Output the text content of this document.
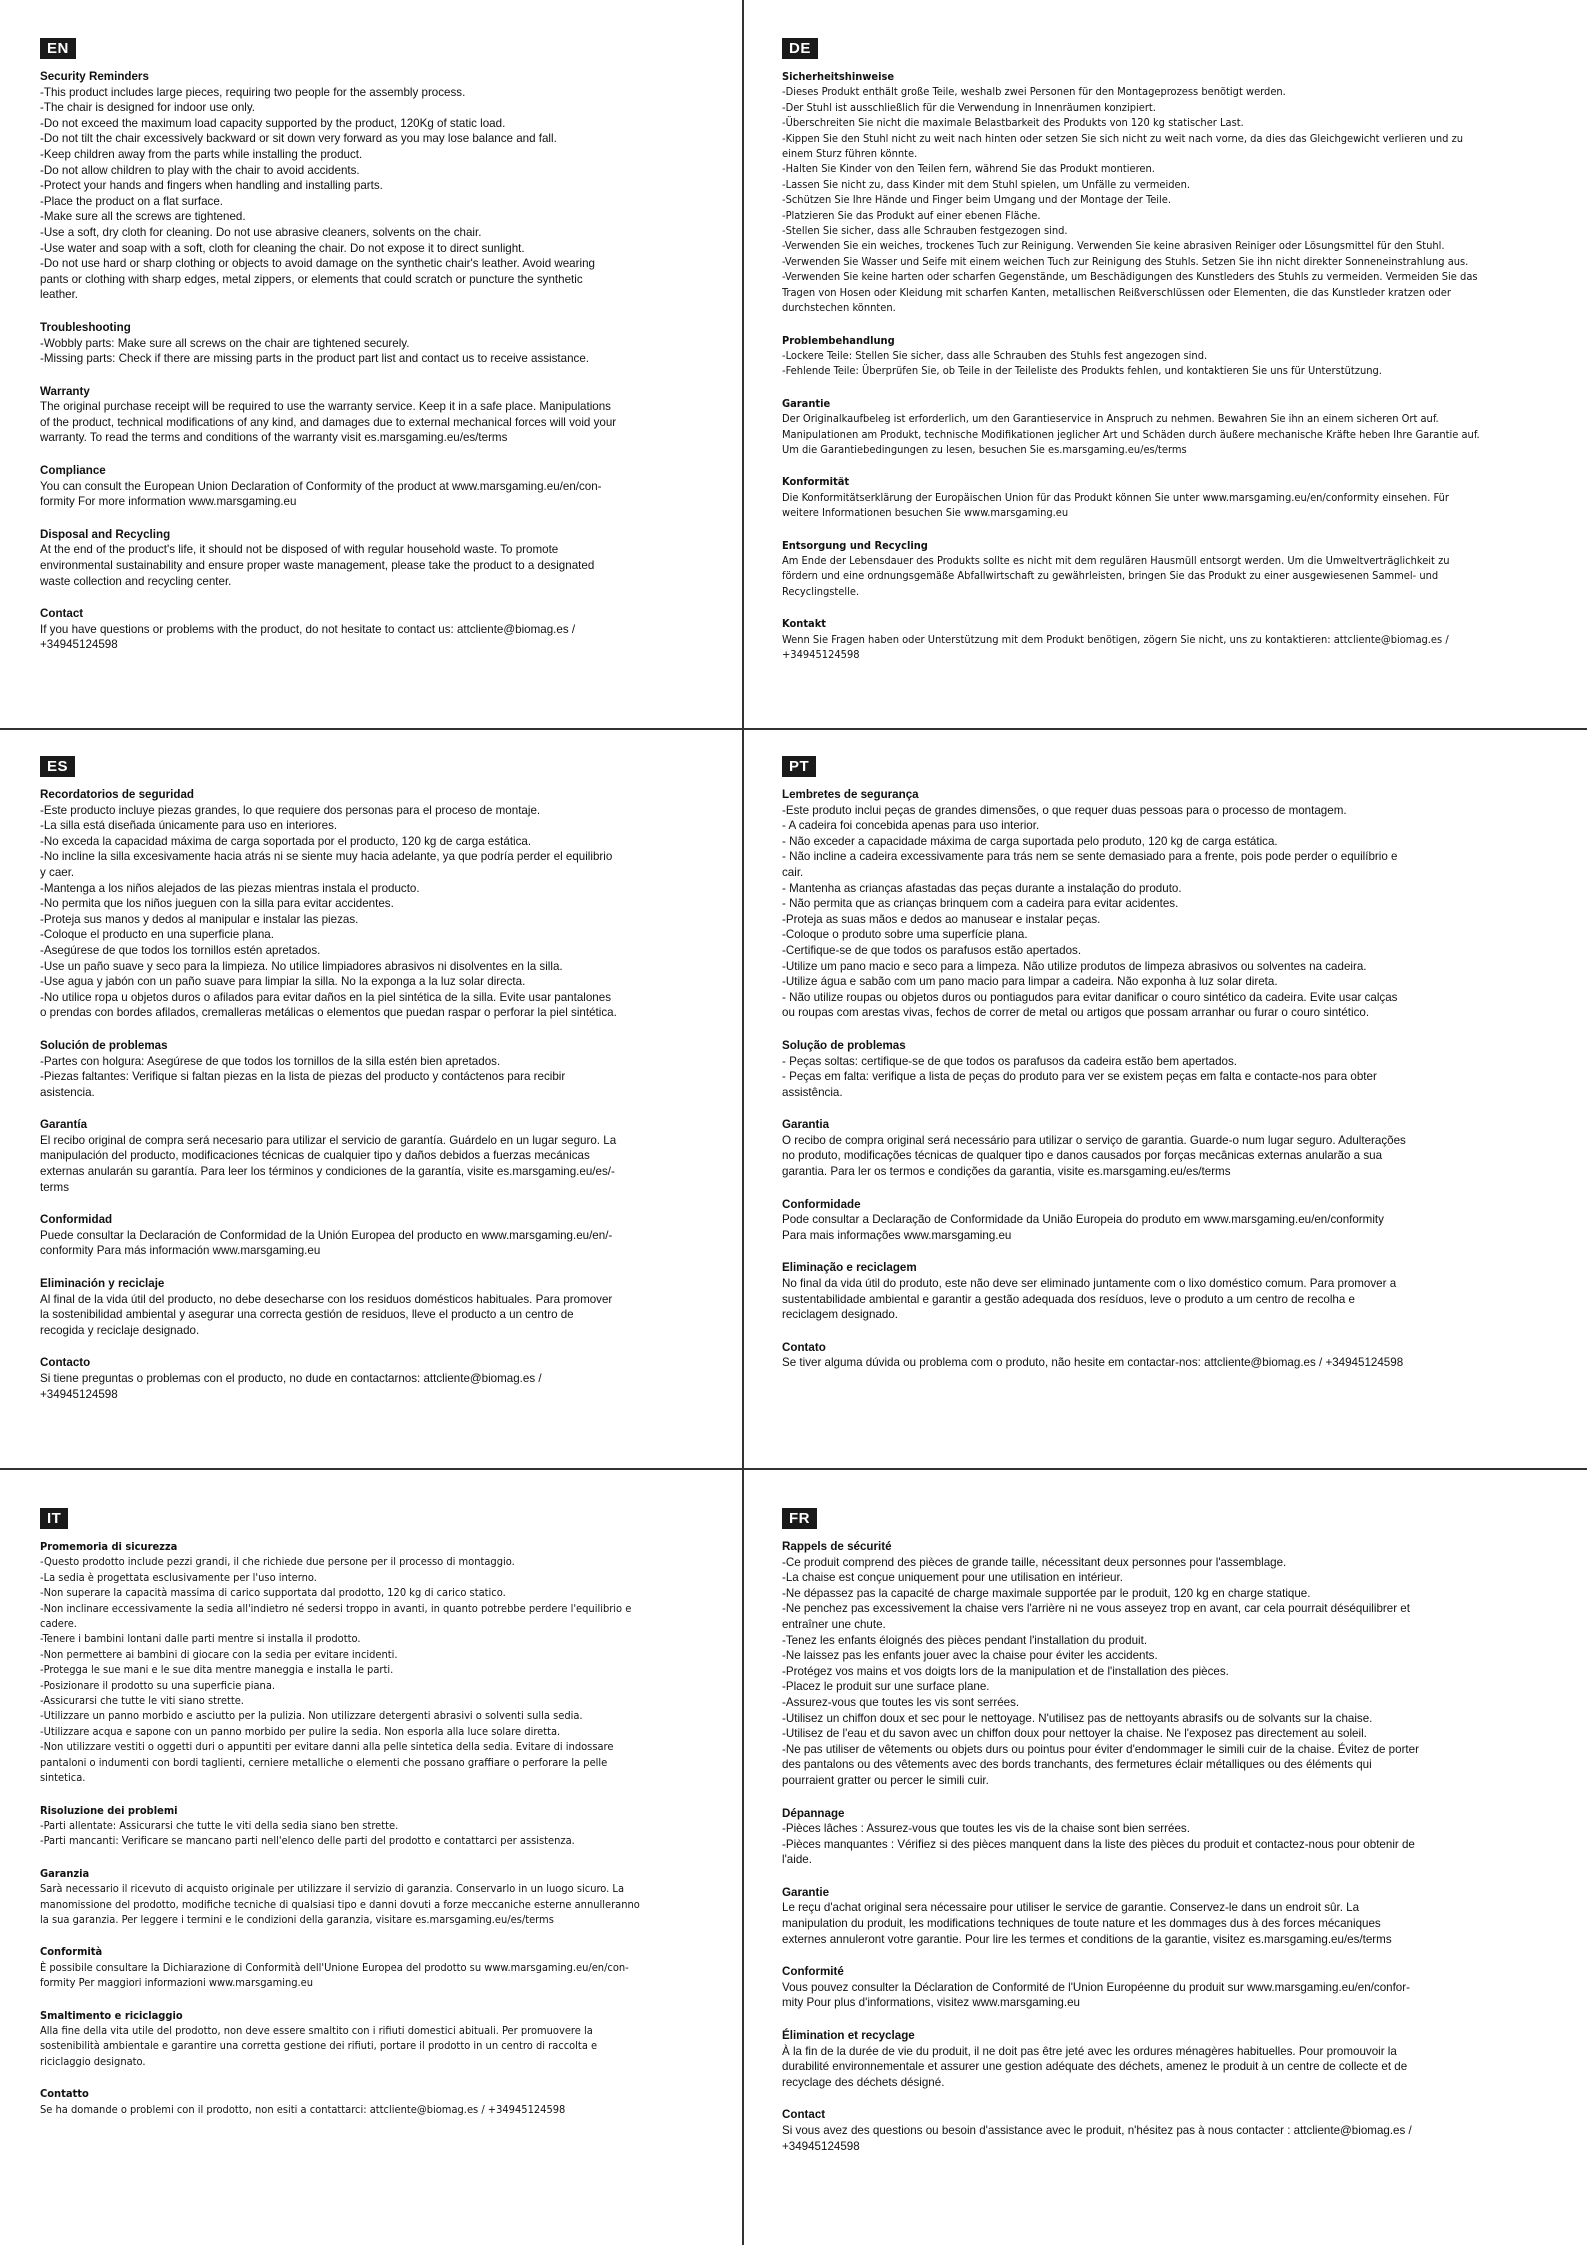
EN

Security Reminders

-This product includes large pieces, requiring two people for the assembly process.

-The chair is designed for indoor use only.

-Do not exceed the maximum load capacity supported by the product, 120Kg of static load.

-Do not tilt the chair excessively backward or sit down very forward as you may lose balance and fall.

-Keep children away from the parts while installing the product.

-Do not allow children to play with the chair to avoid accidents.

-Protect your hands and fingers when handling and installing parts.

-Place the product on a flat surface.

-Make sure all the screws are tightened.

-Use a soft, dry cloth for cleaning. Do not use abrasive cleaners, solvents on the chair.

-Use water and soap with a soft, cloth for cleaning the chair. Do not expose it to direct sunlight.

-Do not use hard or sharp clothing or objects to avoid damage on the synthetic chair's leather. Avoid wearing

pants or clothing with sharp edges, metal zippers, or elements that could scratch or puncture the synthetic

leather.

Troubleshooting

-Wobbly parts: Make sure all screws on the chair are tightened securely.

-Missing parts: Check if there are missing parts in the product part list and contact us to receive assistance.

Warranty

The original purchase receipt will be required to use the warranty service. Keep it in a safe place. Manipulations

of the product, technical modifications of any kind, and damages due to external mechanical forces will void your

warranty. To read the terms and conditions of the warranty visit es.marsgaming.eu/es/terms

Compliance

You can consult the European Union Declaration of Conformity of the product at www.marsgaming.eu/en/con-

formity For more information www.marsgaming.eu

Disposal and Recycling

At the end of the product's life, it should not be disposed of with regular household waste. To promote

environmental sustainability and ensure proper waste management, please take the product to a designated

waste collection and recycling center.

Contact

If you have questions or problems with the product, do not hesitate to contact us: attcliente@biomag.es /

+34945124598

DE

Sicherheitshinweise

-Dieses Produkt enthält große Teile, weshalb zwei Personen für den Montageprozess benötigt werden.

-Der Stuhl ist ausschließlich für die Verwendung in Innenräumen konzipiert.

-Überschreiten Sie nicht die maximale Belastbarkeit des Produkts von 120 kg statischer Last.

-Kippen Sie den Stuhl nicht zu weit nach hinten oder setzen Sie sich nicht zu weit nach vorne, da dies das Gleichgewicht verlieren und zu

einem Sturz führen könnte.

-Halten Sie Kinder von den Teilen fern, während Sie das Produkt montieren.

-Lassen Sie nicht zu, dass Kinder mit dem Stuhl spielen, um Unfälle zu vermeiden.

-Schützen Sie Ihre Hände und Finger beim Umgang und der Montage der Teile.

-Platzieren Sie das Produkt auf einer ebenen Fläche.

-Stellen Sie sicher, dass alle Schrauben festgezogen sind.

-Verwenden Sie ein weiches, trockenes Tuch zur Reinigung. Verwenden Sie keine abrasiven Reiniger oder Lösungsmittel für den Stuhl.

-Verwenden Sie Wasser und Seife mit einem weichen Tuch zur Reinigung des Stuhls. Setzen Sie ihn nicht direkter Sonneneinstrahlung aus.

-Verwenden Sie keine harten oder scharfen Gegenstände, um Beschädigungen des Kunstleders des Stuhls zu vermeiden. Vermeiden Sie das

Tragen von Hosen oder Kleidung mit scharfen Kanten, metallischen Reißverschlüssen oder Elementen, die das Kunstleder kratzen oder

durchstechen könnten.

Problembehandlung

-Lockere Teile: Stellen Sie sicher, dass alle Schrauben des Stuhls fest angezogen sind.

-Fehlende Teile: Überprüfen Sie, ob Teile in der Teileliste des Produkts fehlen, und kontaktieren Sie uns für Unterstützung.

Garantie

Der Originalkaufbeleg ist erforderlich, um den Garantieservice in Anspruch zu nehmen. Bewahren Sie ihn an einem sicheren Ort auf.

Manipulationen am Produkt, technische Modifikationen jeglicher Art und Schäden durch äußere mechanische Kräfte heben Ihre Garantie auf.

Um die Garantiebedingungen zu lesen, besuchen Sie es.marsgaming.eu/es/terms

Konformität

Die Konformitätserklärung der Europäischen Union für das Produkt können Sie unter www.marsgaming.eu/en/conformity einsehen. Für

weitere Informationen besuchen Sie www.marsgaming.eu

Entsorgung und Recycling

Am Ende der Lebensdauer des Produkts sollte es nicht mit dem regulären Hausmüll entsorgt werden. Um die Umweltverträglichkeit zu

fördern und eine ordnungsgemäße Abfallwirtschaft zu gewährleisten, bringen Sie das Produkt zu einer ausgewiesenen Sammel- und

Recyclingstelle.

Kontakt

Wenn Sie Fragen haben oder Unterstützung mit dem Produkt benötigen, zögern Sie nicht, uns zu kontaktieren: attcliente@biomag.es /

+34945124598

ES

Recordatorios de seguridad

-Este producto incluye piezas grandes, lo que requiere dos personas para el proceso de montaje.

-La silla está diseñada únicamente para uso en interiores.

-No exceda la capacidad máxima de carga soportada por el producto, 120 kg de carga estática.

-No incline la silla excesivamente hacia atrás ni se siente muy hacia adelante, ya que podría perder el equilibrio

y caer.

-Mantenga a los niños alejados de las piezas mientras instala el producto.

-No permita que los niños jueguen con la silla para evitar accidentes.

-Proteja sus manos y dedos al manipular e instalar las piezas.

-Coloque el producto en una superficie plana.

-Asegúrese de que todos los tornillos estén apretados.

-Use un paño suave y seco para la limpieza. No utilice limpiadores abrasivos ni disolventes en la silla.

-Use agua y jabón con un paño suave para limpiar la silla. No la exponga a la luz solar directa.

-No utilice ropa u objetos duros o afilados para evitar daños en la piel sintética de la silla. Evite usar pantalones

o prendas con bordes afilados, cremalleras metálicas o elementos que puedan raspar o perforar la piel sintética.

Solución de problemas

-Partes con holgura: Asegúrese de que todos los tornillos de la silla estén bien apretados.

-Piezas faltantes: Verifique si faltan piezas en la lista de piezas del producto y contáctenos para recibir

asistencia.

Garantía

El recibo original de compra será necesario para utilizar el servicio de garantía. Guárdelo en un lugar seguro. La

manipulación del producto, modificaciones técnicas de cualquier tipo y daños debidos a fuerzas mecánicas

externas anularán su garantía. Para leer los términos y condiciones de la garantía, visite es.marsgaming.eu/es/-

terms

Conformidad

Puede consultar la Declaración de Conformidad de la Unión Europea del producto en www.marsgaming.eu/en/-

conformity Para más información www.marsgaming.eu

Eliminación y reciclaje

Al final de la vida útil del producto, no debe desecharse con los residuos domésticos habituales. Para promover

la sostenibilidad ambiental y asegurar una correcta gestión de residuos, lleve el producto a un centro de

recogida y reciclaje designado.

Contacto

Si tiene preguntas o problemas con el producto, no dude en contactarnos: attcliente@biomag.es /

+34945124598

PT

Lembretes de segurança

-Este produto inclui peças de grandes dimensões, o que requer duas pessoas para o processo de montagem.

- A cadeira foi concebida apenas para uso interior.

- Não exceder a capacidade máxima de carga suportada pelo produto, 120 kg de carga estática.

- Não incline a cadeira excessivamente para trás nem se sente demasiado para a frente, pois pode perder o equilíbrio e

cair.

- Mantenha as crianças afastadas das peças durante a instalação do produto.

- Não permita que as crianças brinquem com a cadeira para evitar acidentes.

-Proteja as suas mãos e dedos ao manusear e instalar peças.

-Coloque o produto sobre uma superfície plana.

-Certifique-se de que todos os parafusos estão apertados.

-Utilize um pano macio e seco para a limpeza. Não utilize produtos de limpeza abrasivos ou solventes na cadeira.

-Utilize água e sabão com um pano macio para limpar a cadeira. Não exponha à luz solar direta.

- Não utilize roupas ou objetos duros ou pontiagudos para evitar danificar o couro sintético da cadeira. Evite usar calças

ou roupas com arestas vivas, fechos de correr de metal ou artigos que possam arranhar ou furar o couro sintético.

Solução de problemas

- Peças soltas: certifique-se de que todos os parafusos da cadeira estão bem apertados.

- Peças em falta: verifique a lista de peças do produto para ver se existem peças em falta e contacte-nos para obter

assistência.

Garantia

O recibo de compra original será necessário para utilizar o serviço de garantia. Guarde-o num lugar seguro. Adulterações

no produto, modificações técnicas de qualquer tipo e danos causados por forças mecânicas externas anularão a sua

garantia. Para ler os termos e condições da garantia, visite es.marsgaming.eu/es/terms

Conformidade

Pode consultar a Declaração de Conformidade da União Europeia do produto em www.marsgaming.eu/en/conformity

Para mais informações www.marsgaming.eu

Eliminação e reciclagem

No final da vida útil do produto, este não deve ser eliminado juntamente com o lixo doméstico comum. Para promover a

sustentabilidade ambiental e garantir a gestão adequada dos resíduos, leve o produto a um centro de recolha e

reciclagem designado.

Contato

Se tiver alguma dúvida ou problema com o produto, não hesite em contactar-nos: attcliente@biomag.es / +34945124598

IT

Promemoria di sicurezza

-Questo prodotto include pezzi grandi, il che richiede due persone per il processo di montaggio.

-La sedia è progettata esclusivamente per l'uso interno.

-Non superare la capacità massima di carico supportata dal prodotto, 120 kg di carico statico.

-Non inclinare eccessivamente la sedia all'indietro né sedersi troppo in avanti, in quanto potrebbe perdere l'equilibrio e

cadere.

-Tenere i bambini lontani dalle parti mentre si installa il prodotto.

-Non permettere ai bambini di giocare con la sedia per evitare incidenti.

-Protegga le sue mani e le sue dita mentre maneggia e installa le parti.

-Posizionare il prodotto su una superficie piana.

-Assicurarsi che tutte le viti siano strette.

-Utilizzare un panno morbido e asciutto per la pulizia. Non utilizzare detergenti abrasivi o solventi sulla sedia.

-Utilizzare acqua e sapone con un panno morbido per pulire la sedia. Non esporla alla luce solare diretta.

-Non utilizzare vestiti o oggetti duri o appuntiti per evitare danni alla pelle sintetica della sedia. Evitare di indossare

pantaloni o indumenti con bordi taglienti, cerniere metalliche o elementi che possano graffiare o perforare la pelle

sintetica.

Risoluzione dei problemi

-Parti allentate: Assicurarsi che tutte le viti della sedia siano ben strette.

-Parti mancanti: Verificare se mancano parti nell'elenco delle parti del prodotto e contattarci per assistenza.

Garanzia

Sarà necessario il ricevuto di acquisto originale per utilizzare il servizio di garanzia. Conservarlo in un luogo sicuro. La

manomissione del prodotto, modifiche tecniche di qualsiasi tipo e danni dovuti a forze meccaniche esterne annulleranno

la sua garanzia. Per leggere i termini e le condizioni della garanzia, visitare es.marsgaming.eu/es/terms

Conformità

È possibile consultare la Dichiarazione di Conformità dell'Unione Europea del prodotto su www.marsgaming.eu/en/con-

formity Per maggiori informazioni www.marsgaming.eu

Smaltimento e riciclaggio

Alla fine della vita utile del prodotto, non deve essere smaltito con i rifiuti domestici abituali. Per promuovere la

sostenibilità ambientale e garantire una corretta gestione dei rifiuti, portare il prodotto in un centro di raccolta e

riciclaggio designato.

Contatto

Se ha domande o problemi con il prodotto, non esiti a contattarci: attcliente@biomag.es / +34945124598

FR

Rappels de sécurité

-Ce produit comprend des pièces de grande taille, nécessitant deux personnes pour l'assemblage.

-La chaise est conçue uniquement pour une utilisation en intérieur.

-Ne dépassez pas la capacité de charge maximale supportée par le produit, 120 kg en charge statique.

-Ne penchez pas excessivement la chaise vers l'arrière ni ne vous asseyez trop en avant, car cela pourrait déséquilibrer et

entraîner une chute.

-Tenez les enfants éloignés des pièces pendant l'installation du produit.

-Ne laissez pas les enfants jouer avec la chaise pour éviter les accidents.

-Protégez vos mains et vos doigts lors de la manipulation et de l'installation des pièces.

-Placez le produit sur une surface plane.

-Assurez-vous que toutes les vis sont serrées.

-Utilisez un chiffon doux et sec pour le nettoyage. N'utilisez pas de nettoyants abrasifs ou de solvants sur la chaise.

-Utilisez de l'eau et du savon avec un chiffon doux pour nettoyer la chaise. Ne l'exposez pas directement au soleil.

-Ne pas utiliser de vêtements ou objets durs ou pointus pour éviter d'endommager le simili cuir de la chaise. Évitez de porter

des pantalons ou des vêtements avec des bords tranchants, des fermetures éclair métalliques ou des éléments qui

pourraient gratter ou percer le simili cuir.

Dépannage

-Pièces lâches : Assurez-vous que toutes les vis de la chaise sont bien serrées.

-Pièces manquantes : Vérifiez si des pièces manquent dans la liste des pièces du produit et contactez-nous pour obtenir de

l'aide.

Garantie

Le reçu d'achat original sera nécessaire pour utiliser le service de garantie. Conservez-le dans un endroit sûr. La

manipulation du produit, les modifications techniques de toute nature et les dommages dus à des forces mécaniques

externes annuleront votre garantie. Pour lire les termes et conditions de la garantie, visitez es.marsgaming.eu/es/terms

Conformité

Vous pouvez consulter la Déclaration de Conformité de l'Union Européenne du produit sur www.marsgaming.eu/en/confor-

mity Pour plus d'informations, visitez www.marsgaming.eu

Élimination et recyclage

À la fin de la durée de vie du produit, il ne doit pas être jeté avec les ordures ménagères habituelles. Pour promouvoir la

durabilité environnementale et assurer une gestion adéquate des déchets, amenez le produit à un centre de collecte et de

recyclage des déchets désigné.

Contact

Si vous avez des questions ou besoin d'assistance avec le produit, n'hésitez pas à nous contacter : attcliente@biomag.es /

+34945124598
